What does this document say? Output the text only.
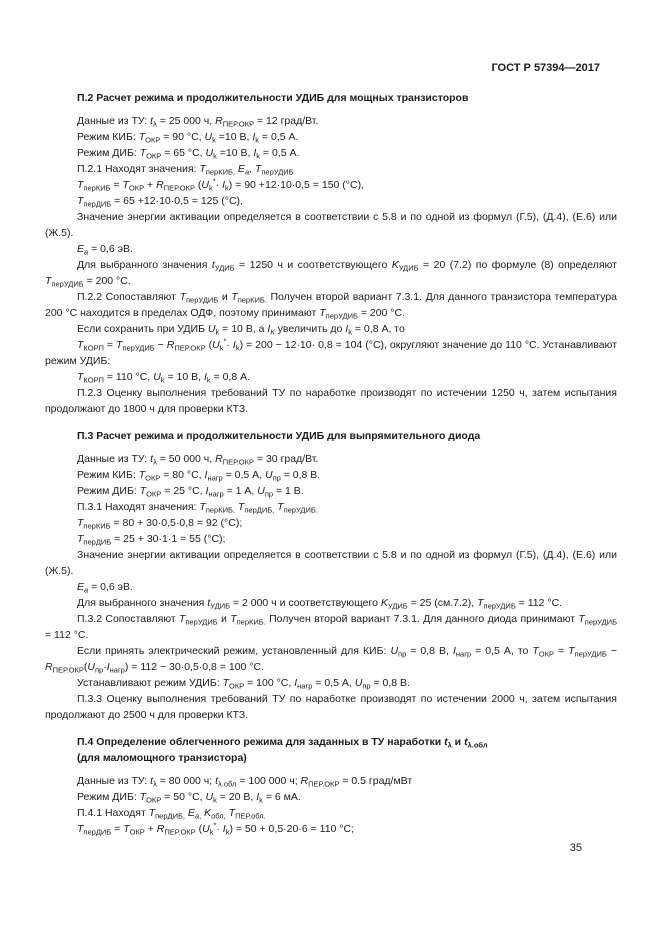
ГОСТ Р 57394—2017
П.2 Расчет режима и продолжительности УДИБ для мощных транзисторов

Данные из ТУ: $t_\lambda = 25$ 000 ч, $R_{ПЕР.ОКР} = 12$ град/Вт.

Режим КИБ: $T_{ОКР} = 90$ °С, $U_k =10$ В, $I_k = 0,5$ А.

Режим ДИБ: $T_{ОКР} = 65$ °С, $U_k =10$ В, $I_k = 0,5$ А.

П.2.1 Находят значения: $T_{перКИБ,}$ $E_a$, $T_{перУДИБ}$

$T_{перКИБ} = T_{ОКР} + R_{ПЕР.ОКР}$ $(U_k^*\cdot I_k) = 90 +12\cdot 10\cdot 0,5 = 150$ (°С),

$T_{перДИБ} = 65 +12\cdot 10\cdot 0,5 = 125$ (°С),

Значение энергии активации определяется в соответствии с 5.8 и по одной из формул (Г.5), (Д.4), (Е.6) или (Ж.5).

$E_a = 0,6$ эВ.

Для выбранного значения $t_{УДИБ} = 1250$ ч и соответствующего $K_{УДИБ} = 20$ (7.2) по формуле (8) определяют $T_{перУДИБ} = 200$ °С.

П.2.2 Сопоставляют $T_{перУДИБ}$ и $T_{перКИБ.}$ Получен второй вариант 7.3.1. Для данного транзистора температура 200 °С находится в пределах ОДФ, поэтому принимают $T_{перУДИБ} = 200$ °С.

Если сохранить при УДИБ $U_k = 10$ В, а $I_К$ увеличить до $I_k = 0,8$ А, то

$T_{КОРП} = T_{перУДИБ} - R_{ПЕР.ОКР}$ $(U_k^*\cdot I_k) = 200 - 12\cdot 10\cdot 0,8 = 104$ (°С), округляют значение до 110 °С. Устанавливают режим УДИБ:

$T_{КОРП} = 110$ °С, $U_k = 10$ В, $I_k = 0,8$ А.

П.2.3 Оценку выполнения требований ТУ по наработке производят по истечении 1250 ч, затем испытания продолжают до 1800 ч для проверки КТЗ.

П.3 Расчет режима и продолжительности УДИБ для выпрямительного диода

Данные из ТУ: $t_\lambda = 50$ 000 ч, $R_{ПЕР.ОКР} = 30$ град/Вт.

Режим КИБ: $T_{ОКР} = 80$ °С, $I_{нагр} = 0,5$ А, $U_{пр} = 0,8$ В.

Режим ДИБ: $T_{ОКР} = 25$ °С, $I_{нагр} = 1$ А, $U_{пр} = 1$ В.

П.3.1 Находят значения: $T_{перКИБ,}$ $T_{перДИБ,}$ $T_{перУДИБ.}$

$T_{перКИБ} = 80 + 30\cdot 0,5\cdot 0,8 = 92$ (°С);

$T_{перДИБ} = 25 + 30\cdot 1\cdot 1 = 55$ (°С);

Значение энергии активации определяется в соответствии с 5.8 и по одной из формул (Г.5), (Д.4), (Е.6) или (Ж.5).

$E_a = 0,6$ эВ.

Для выбранного значения $t_{УДИБ} = 2$ 000 ч и соответствующего $K_{УДИБ} = 25$ (см.7.2), $T_{перУДИБ} = 112$ °С.

П.3.2 Сопоставляют $T_{перУДИБ}$ и $T_{перКИБ.}$ Получен второй вариант 7.3.1. Для данного диода принимают $T_{перУДИБ} = 112$ °С.

Если принять электрический режим, установленный для КИБ: $U_{пр} = 0,8$ В, $I_{нагр} = 0,5$ А, то $T_{ОКР} = T_{перУДИБ} - R_{ПЕР.ОКР}(U_{пр}\cdot I_{нагр}) = 112 - 30\cdot 0,5\cdot 0,8 = 100$ °С.

Устанавливают режим УДИБ: $T_{ОКР} = 100$ °С, $I_{нагр} = 0,5$ А, $U_{пр} = 0,8$ В.

П.3.3 Оценку выполнения требований ТУ по наработке производят по истечении 2000 ч, затем испытания продолжают до 2500 ч для проверки КТЗ.

П.4 Определение облегченного режима для заданных в ТУ наработки $t_\lambda$ и $t_{\lambda.обл}$
(для маломощного транзистора)

Данные из ТУ: $t_\lambda = 80$ 000 ч; $t_{\lambda.обл} = 100$ 000 ч; $R_{ПЕР.ОКР} = 0.5$ град/мВт

Режим ДИБ: $T_{ОКР} = 50$ °С, $U_k = 20$ В, $I_k = 6$ мА.

П.4.1 Находят $T_{перДИБ,}$ $E_{a,}$ $K_{обл,}$ $T_{ПЕР.обл.}$

$T_{перДИБ} = T_{ОКР} + R_{ПЕР.ОКР}$ $(U_k^*\cdot I_k) = 50 + 0,5\cdot 20\cdot 6 = 110$ °С;

35
